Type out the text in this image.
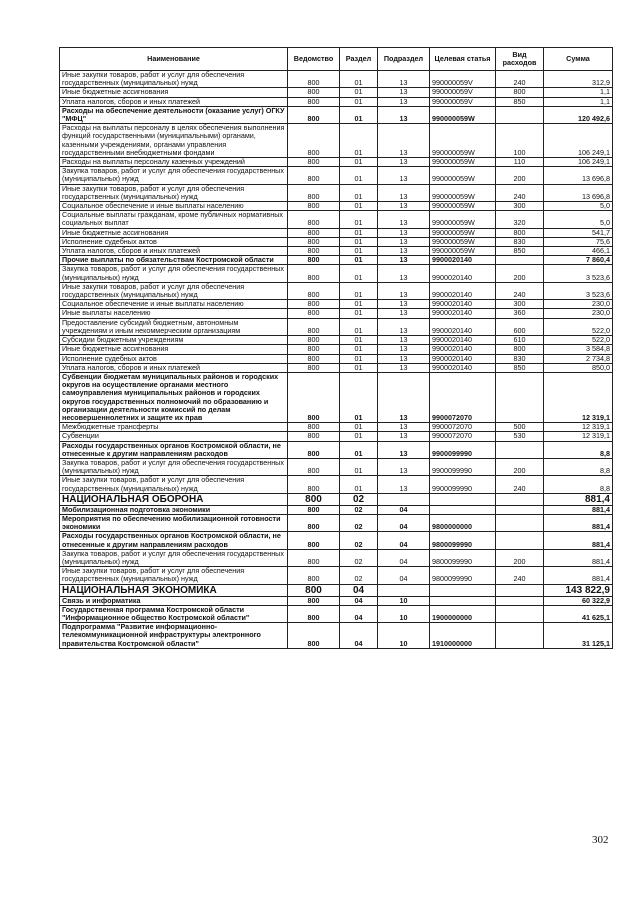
Наименование	Ведомство	Раздел	Подраздел	Целевая статья	Вид расходов	Сумма
Иные закупки товаров, работ и услуг для обеспечения государственных (муниципальных) нужд	800	01	13	990000059V	240	312,9
Иные бюджетные ассигнования	800	01	13	990000059V	800	1,1
Уплата налогов, сборов и иных платежей	800	01	13	990000059V	850	1,1
Расходы на обеспечение деятельности (оказание услуг) ОГКУ "МФЦ"	800	01	13	990000059W		120 492,6
Расходы на выплаты персоналу в целях обеспечения выполнения функций государственными (муниципальными) органами, казенными учреждениями, органами управления государственными внебюджетными фондами	800	01	13	990000059W	100	106 249,1
Расходы на выплаты персоналу казенных учреждений	800	01	13	990000059W	110	106 249,1
Закупка товаров, работ и услуг для обеспечения государственных (муниципальных) нужд	800	01	13	990000059W	200	13 696,8
Иные закупки товаров, работ и услуг для обеспечения государственных (муниципальных) нужд	800	01	13	990000059W	240	13 696,8
Социальное обеспечение и иные выплаты населению	800	01	13	990000059W	300	5,0
Социальные выплаты гражданам, кроме публичных нормативных социальных выплат	800	01	13	990000059W	320	5,0
Иные бюджетные ассигнования	800	01	13	990000059W	800	541,7
Исполнение судебных актов	800	01	13	990000059W	830	75,6
Уплата налогов, сборов и иных платежей	800	01	13	990000059W	850	466,1
Прочие выплаты по обязательствам Костромской области	800	01	13	9900020140		7 860,4
Закупка товаров, работ и услуг для обеспечения государственных (муниципальных) нужд	800	01	13	9900020140	200	3 523,6
Иные закупки товаров, работ и услуг для обеспечения государственных (муниципальных) нужд	800	01	13	9900020140	240	3 523,6
Социальное обеспечение и иные выплаты населению	800	01	13	9900020140	300	230,0
Иные выплаты населению	800	01	13	9900020140	360	230,0
Предоставление субсидий бюджетным, автономным учреждениям и иным некоммерческим организациям	800	01	13	9900020140	600	522,0
Субсидии бюджетным учреждениям	800	01	13	9900020140	610	522,0
Иные бюджетные ассигнования	800	01	13	9900020140	800	3 584,8
Исполнение судебных актов	800	01	13	9900020140	830	2 734,8
Уплата налогов, сборов и иных платежей	800	01	13	9900020140	850	850,0
Субвенции бюджетам муниципальных районов и городских округов на осуществление органами местного самоуправления муниципальных районов и городских округов государственных полномочий по образованию и организации деятельности комиссий по делам несовершеннолетних и защите их прав	800	01	13	9900072070		12 319,1
Межбюджетные трансферты	800	01	13	9900072070	500	12 319,1
Субвенции	800	01	13	9900072070	530	12 319,1
Расходы государственных органов Костромской области, не отнесенные к другим направлениям расходов	800	01	13	9900099990		8,8
Закупка товаров, работ и услуг для обеспечения государственных (муниципальных) нужд	800	01	13	9900099990	200	8,8
Иные закупки товаров, работ и услуг для обеспечения государственных (муниципальных) нужд	800	01	13	9900099990	240	8,8
НАЦИОНАЛЬНАЯ ОБОРОНА	800	02				881,4
Мобилизационная подготовка экономики	800	02	04			881,4
Мероприятия по обеспечению мобилизационной готовности экономики	800	02	04	9800000000		881,4
Расходы государственных органов Костромской области, не отнесенные к другим направлениям расходов	800	02	04	9800099990		881,4
Закупка товаров, работ и услуг для обеспечения государственных (муниципальных) нужд	800	02	04	9800099990	200	881,4
Иные закупки товаров, работ и услуг для обеспечения государственных (муниципальных) нужд	800	02	04	9800099990	240	881,4
НАЦИОНАЛЬНАЯ ЭКОНОМИКА	800	04				143 822,9
Связь и информатика	800	04	10			60 322,9
Государственная программа Костромской области "Информационное общество Костромской области"	800	04	10	1900000000		41 625,1
Подпрограмма "Развитие информационно-телекоммуникационной инфраструктуры электронного правительства Костромской области"	800	04	10	1910000000		31 125,1
302
